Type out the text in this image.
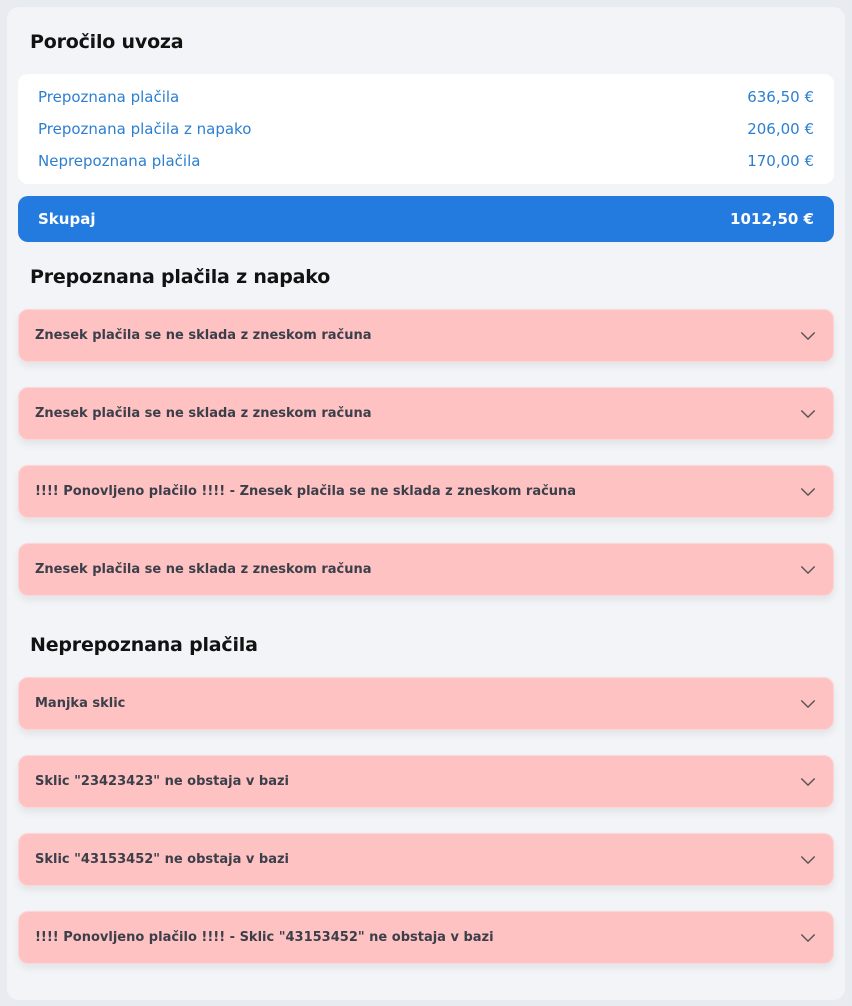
Poročilo uvoza
Prepoznana plačila	636,50 €
Prepoznana plačila z napako	206,00 €
Neprepoznana plačila	170,00 €
Skupaj	1012,50 €
Prepoznana plačila z napako
Znesek plačila se ne sklada z zneskom računa
Znesek plačila se ne sklada z zneskom računa
!!!! Ponovljeno plačilo !!!! - Znesek plačila se ne sklada z zneskom računa
Znesek plačila se ne sklada z zneskom računa
Neprepoznana plačila
Manjka sklic
Sklic "23423423" ne obstaja v bazi
Sklic "43153452" ne obstaja v bazi
!!!! Ponovljeno plačilo !!!! - Sklic "43153452" ne obstaja v bazi
